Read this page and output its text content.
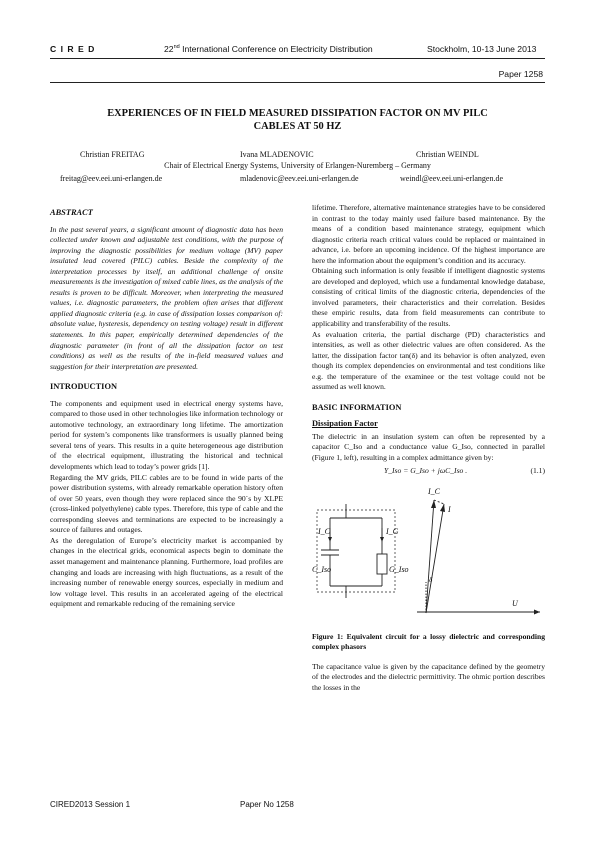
C I R E D	22nd International Conference on Electricity Distribution	Stockholm, 10-13 June 2013
Paper 1258
EXPERIENCES OF IN FIELD MEASURED DISSIPATION FACTOR ON MV PILC
CABLES AT 50 HZ
Christian FREITAG	Ivana MLADENOVIC	Christian WEINDL
Chair of Electrical Energy Systems, University of Erlangen-Nuremberg – Germany
freitag@eev.eei.uni-erlangen.de	mladenovic@eev.eei.uni-erlangen.de	weindl@eev.eei.uni-erlangen.de
ABSTRACT

In the past several years, a significant amount of diagnostic data has been collected under known and adjustable test conditions, with the purpose of improving the diagnostic possibilities for medium voltage (MV) paper insulated lead covered (PILC) cables. Beside the complexity of the interpretation processes by itself, an additional challenge of onsite measurements is the investigation of mixed cable lines, as the analysis of the results is proven to be difficult. Moreover, when interpreting the measured values, i.e. diagnostic parameters, the problem often arises that different applied diagnostic criteria (e.g. in case of dissipation losses comparison of: absolute value, hysteresis, dependency on testing voltage) result in different statements. In this paper, empirically determined dependencies of the diagnostic parameter (in front of all the dissipation factor on test conditions) as well as the results of the in-field measured values and suggestion for their interpretation are presented.

INTRODUCTION

The components and equipment used in electrical energy systems have, compared to those used in other technologies like information technology or automotive technology, an extraordinary long lifetime. The amortization period for system’s components like transformers is usually planned being several tens of years. This results in a quite heterogeneous age distribution of the electrical equipment, illustrating the historical and technical developments which lead to today’s power grids [1].

Regarding the MV grids, PILC cables are to be found in wide parts of the power distribution systems, with already remarkable operation history often of over 50 years, even though they were replaced since the 90`s by XLPE (cross-linked polyethylene) cable types. Therefore, this type of cable and the corresponding sleeves and terminations are expected to be increasingly a source of failures and outages.

As the deregulation of Europe’s electricity market is accompanied by changes in the electrical grids, economical aspects begin to dominate the asset management and maintenance planning. Furthermore, load profiles are changing and loads are increasing with high fluctuations, as a result of the increasing number of renewable energy sources, especially in medium and low voltage level. This results in an accelerated ageing of the electrical equipment and remarkable reducing of the remaining service

lifetime. Therefore, alternative maintenance strategies have to be considered in contrast to the today mainly used failure based maintenance. By the means of a condition based maintenance strategy, equipment which diagnostic criteria reach critical values could be replaced or maintained in advance, i.e. before an upcoming incidence. Of the highest importance are here the information about the equipment’s condition and its accuracy.

Obtaining such information is only feasible if intelligent diagnostic systems are developed and deployed, which use a fundamental knowledge database, consisting of critical limits of the diagnostic criteria, dependencies of the involved parameters, their characteristics and their correlation. Besides these empiric results, data from field measurements can contribute to applicability and transferability of the results.

As evaluation criteria, the partial discharge (PD) characteristics and intensities, as well as other dielectric values are often considered. As the latter, the dissipation factor tan(δ) and its behavior is often analyzed, even though its complex dependencies on environmental and test conditions like e.g. the temperature of the examinee or the test voltage could not be assumed as well known.

BASIC INFORMATION
Dissipation Factor

The dielectric in an insulation system can often be represented by a capacitor C_Iso and a conductance value G_Iso, connected in parallel (Figure 1, left), resulting in a complex admittance given by:

Y_Iso = G_Iso + jωC_Iso .	(1.1)
I_C	I_G
C_Iso	G_Iso
I_C
I
δ
U

Figure 1: Equivalent circuit for a lossy dielectric and corresponding complex phasors

The capacitance value is given by the capacitance defined by the geometry of the electrodes and the dielectric permittivity. The ohmic portion describes the losses in the

CIRED2013 Session 1	Paper No 1258
